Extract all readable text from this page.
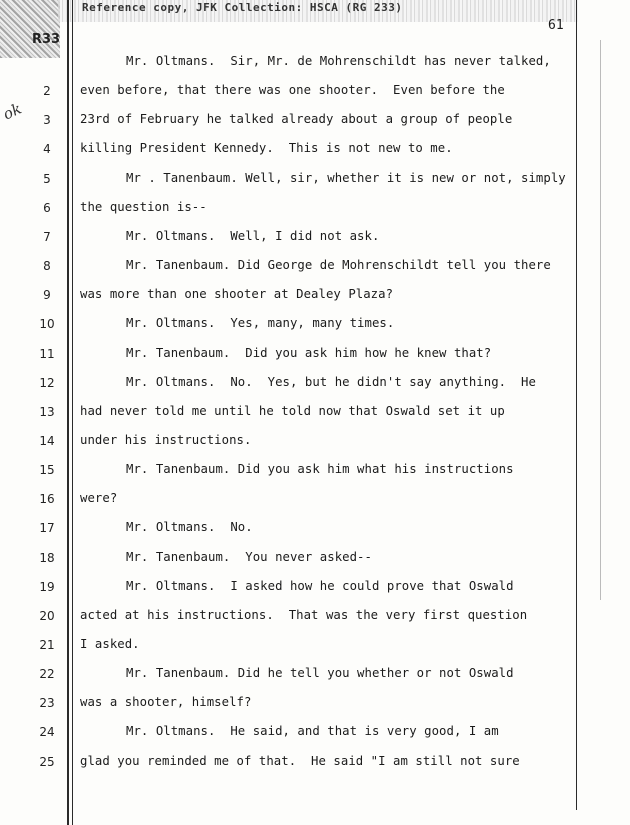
R33
Reference copy, JFK Collection: HSCA (RG 233)
61
ok
Mr. Oltmans.  Sir, Mr. de Mohrenschildt has never talked,
2	even before, that there was one shooter.  Even before the
3	23rd of February he talked already about a group of people
4	killing President Kennedy.  This is not new to me.
5	Mr . Tanenbaum. Well, sir, whether it is new or not, simply
6	the question is--
7	Mr. Oltmans.  Well, I did not ask.
8	Mr. Tanenbaum. Did George de Mohrenschildt tell you there
9	was more than one shooter at Dealey Plaza?
10	Mr. Oltmans.  Yes, many, many times.
11	Mr. Tanenbaum.  Did you ask him how he knew that?
12	Mr. Oltmans.  No.  Yes, but he didn't say anything.  He
13 had never told me until he told now that Oswald set it up
14 under his instructions.
15	Mr. Tanenbaum. Did you ask him what his instructions
16 were?
17	Mr. Oltmans.  No.
18	Mr. Tanenbaum.  You never asked--
19	Mr. Oltmans.  I asked how he could prove that Oswald
20 acted at his instructions.  That was the very first question
21 I asked.
22	Mr. Tanenbaum. Did he tell you whether or not Oswald
23 was a shooter, himself?
24	Mr. Oltmans.  He said, and that is very good, I am
25 glad you reminded me of that.  He said "I am still not sure
